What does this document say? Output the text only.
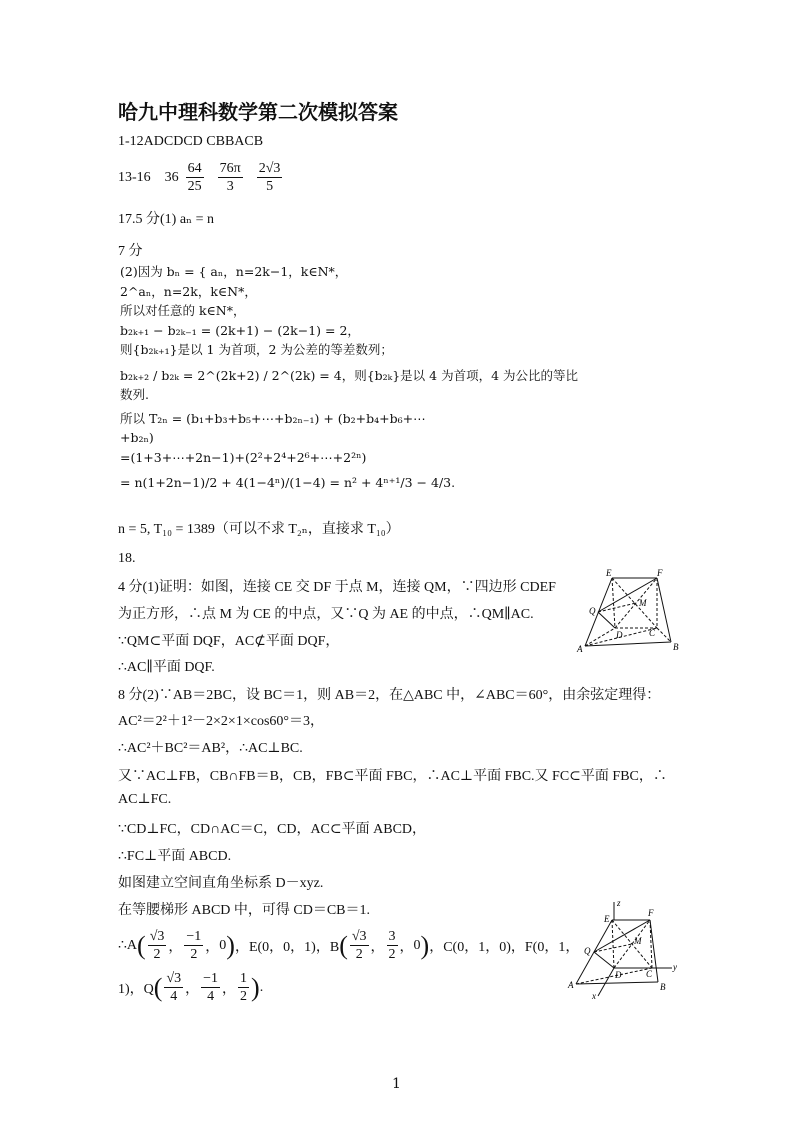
哈九中理科数学第二次模拟答案
1-12ADCDCD CBBACB
13-16 $36 \frac{64}{25} \frac{76\pi}{3} \frac{2√3}{5}$
17.5 分(1) aₙ = n
7 分
(2)因为 bₙ = { aₙ，n=2k−1，k∈N*，
2^aₙ，n=2k，k∈N*，
所以对任意的 k∈N*，
b₂ₖ₊₁ − b₂ₖ₋₁ = (2k+1) − (2k−1) = 2，
则{b₂ₖ₊₁}是以 1 为首项，2 为公差的等差数列；
b₂ₖ₊₂ / b₂ₖ = 2^(2k+2) / 2^(2k) = 4，则{b₂ₖ}是以 4 为首项，4 为公比的等比
数列.
所以 T₂ₙ = (b₁+b₃+b₅+⋯+b₂ₙ₋₁) + (b₂+b₄+b₆+⋯
+b₂ₙ)
=(1+3+⋯+2n−1)+(2²+2⁴+2⁶+⋯+2²ⁿ)
= n(1+2n−1)/2 + 4(1−4ⁿ)/(1−4) = n² + 4ⁿ⁺¹/3 − 4/3.
n = 5, T₁₀ = 1389（可以不求 T₂ₙ，直接求 T₁₀）
18.
4 分(1)证明：如图，连接 CE 交 DF 于点 M，连接 QM，∵四边形 CDEF
为正方形，∴点 M 为 CE 的中点，又∵Q 为 AE 的中点，∴QM∥AC.
∵QM⊂平面 DQF，AC⊄平面 DQF，
∴AC∥平面 DQF.
8 分(2)∵AB＝2BC，设 BC＝1，则 AB＝2，在△ABC 中，∠ABC＝60°，由余弦定理得：
AC²＝2²＋1²－2×2×1×cos60°＝3，
∴AC²＋BC²＝AB²，∴AC⊥BC.
又∵AC⊥FB，CB∩FB＝B，CB，FB⊂平面 FBC，∴AC⊥平面 FBC.又 FC⊂平面 FBC，∴
AC⊥FC.
∵CD⊥FC，CD∩AC＝C，CD，AC⊂平面 ABCD，
∴FC⊥平面 ABCD.
如图建立空间直角坐标系 D－xyz.
在等腰梯形 ABCD 中，可得 CD＝CB＝1.
∴A ( $\frac{√3}{2}$ ， $\frac{-1}{2}$ ， 0 ) ，E(0，0，1)，B ( $\frac{√3}{2}$ ， $\frac{3}{2}$ ， 0 ) ，C(0，1，0)，F(0，1，
1)，Q ( $\frac{√3}{4}$ ， $\frac{-1}{4}$ ， $\frac{1}{2}$ ) .
E	F
Q
M
D	C
A	B
E
z
F
Q
M
D	C
y
A
x
B
1
